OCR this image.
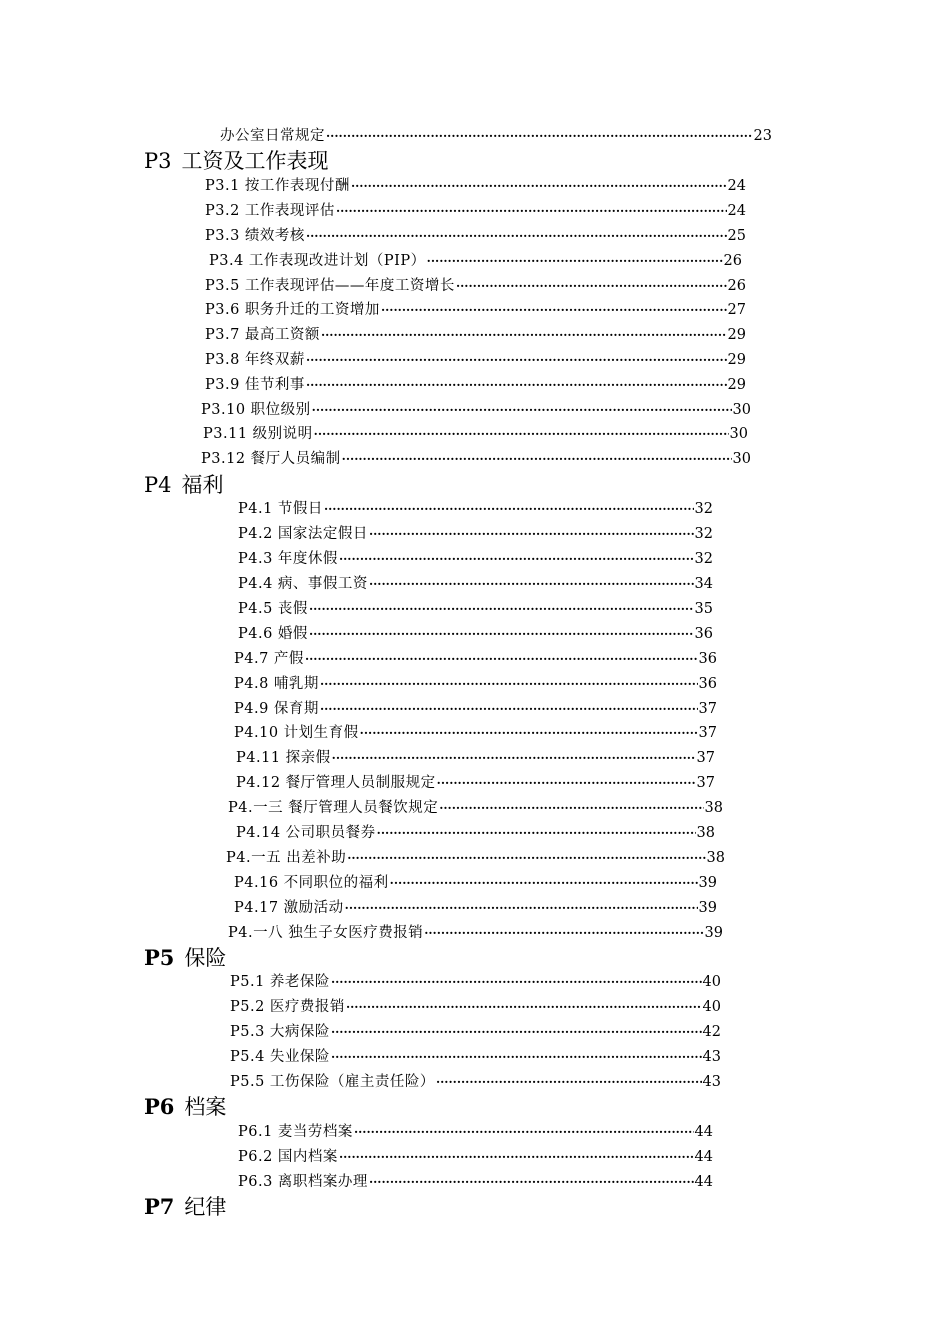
办公室日常规定 ·····	23
P3 工资及工作表现
P3.1 按工作表现付酬 ·····	24
P3.2 工作表现评估 ·····	24
P3.3 绩效考核 ·····	25
P3.4 工作表现改进计划（PIP） ·····	26
P3.5 工作表现评估——年度工资增长 ·····	26
P3.6 职务升迁的工资增加 ·····	27
P3.7 最高工资额 ·····	29
P3.8 年终双薪 ·····	29
P3.9 佳节利事 ·····	29
P3.10 职位级别 ·····	30
P3.11 级别说明 ·····	30
P3.12 餐厅人员编制 ·····	30
P4 福利
P4.1 节假日 ·····	32
P4.2 国家法定假日 ·····	32
P4.3 年度休假 ·····	32
P4.4 病、事假工资 ·····	34
P4.5 丧假 ·····	35
P4.6 婚假 ·····	36
P4.7 产假 ·····	36
P4.8 哺乳期 ·····	36
P4.9 保育期 ·····	37
P4.10 计划生育假 ·····	37
P4.11 探亲假 ·····	37
P4.12 餐厅管理人员制服规定 ·····	37
P4.一三 餐厅管理人员餐饮规定 ·····	38
P4.14 公司职员餐券 ·····	38
P4.一五 出差补助 ·····	38
P4.16 不同职位的福利 ·····	39
P4.17 激励活动 ·····	39
P4.一八 独生子女医疗费报销 ·····	39
P5 保险
P5.1 养老保险 ·····	40
P5.2 医疗费报销 ·····	40
P5.3 大病保险 ·····	42
P5.4 失业保险 ·····	43
P5.5 工伤保险（雇主责任险） ·····	43
P6 档案
P6.1 麦当劳档案 ·····	44
P6.2 国内档案 ·····	44
P6.3 离职档案办理 ·····	44
P7 纪律
